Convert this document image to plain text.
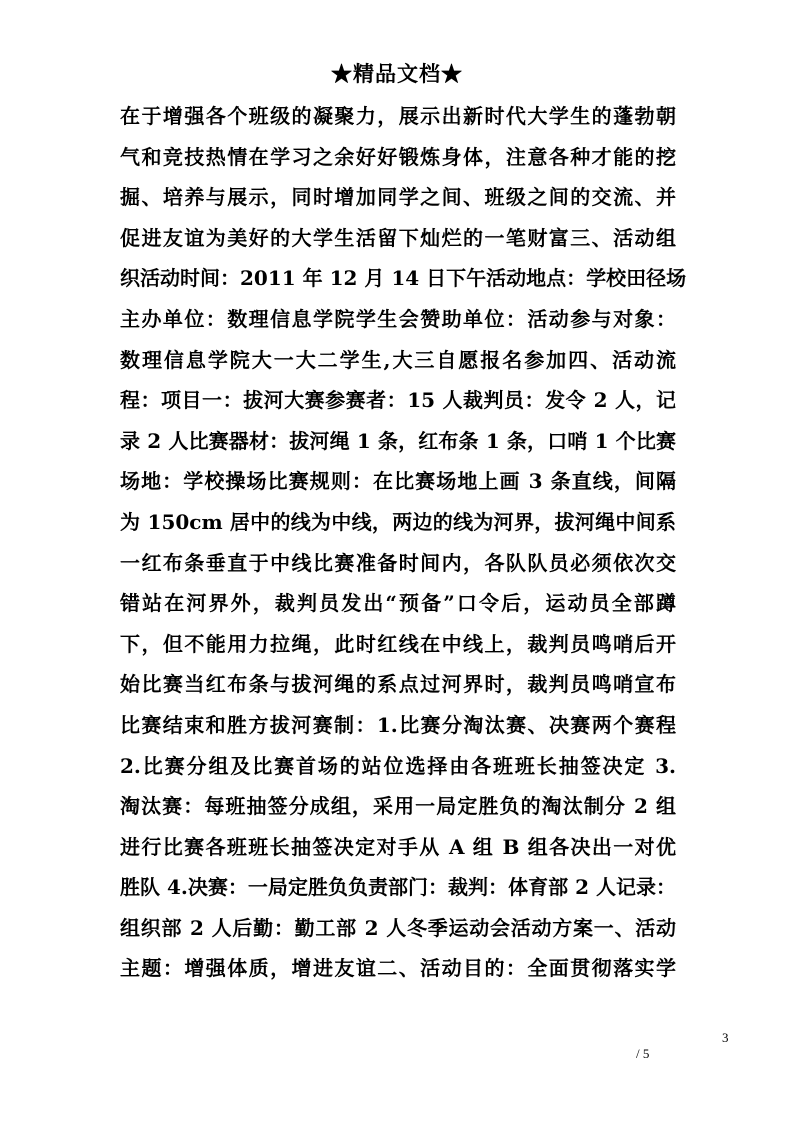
★精品文档★
在于增强各个班级的凝聚力，展示出新时代大学生的蓬勃朝
气和竞技热情在学习之余好好锻炼身体，注意各种才能的挖
掘、培养与展示，同时增加同学之间、班级之间的交流、并
促进友谊为美好的大学生活留下灿烂的一笔财富三、活动组
织活动时间：2011 年 12 月 14 日下午活动地点：学校田径场
主办单位：数理信息学院学生会赞助单位：活动参与对象：
数理信息学院大一大二学生,大三自愿报名参加四、活动流
程：项目一：拔河大赛参赛者：15 人裁判员：发令 2 人，记
录 2 人比赛器材：拔河绳 1 条，红布条 1 条，口哨 1 个比赛
场地：学校操场比赛规则：在比赛场地上画 3 条直线，间隔
为 150cm 居中的线为中线，两边的线为河界，拔河绳中间系
一红布条垂直于中线比赛准备时间内，各队队员必须依次交
错站在河界外，裁判员发出“预备”口令后，运动员全部蹲
下，但不能用力拉绳，此时红线在中线上，裁判员鸣哨后开
始比赛当红布条与拔河绳的系点过河界时，裁判员鸣哨宣布
比赛结束和胜方拔河赛制：1.比赛分淘汰赛、决赛两个赛程
2.比赛分组及比赛首场的站位选择由各班班长抽签决定 3.
淘汰赛：每班抽签分成组，采用一局定胜负的淘汰制分 2 组
进行比赛各班班长抽签决定对手从 A 组 B 组各决出一对优
胜队 4.决赛：一局定胜负负责部门：裁判：体育部 2 人记录：
组织部 2 人后勤：勤工部 2 人冬季运动会活动方案一、活动
主题：增强体质，增进友谊二、活动目的：全面贯彻落实学
3
/ 5
